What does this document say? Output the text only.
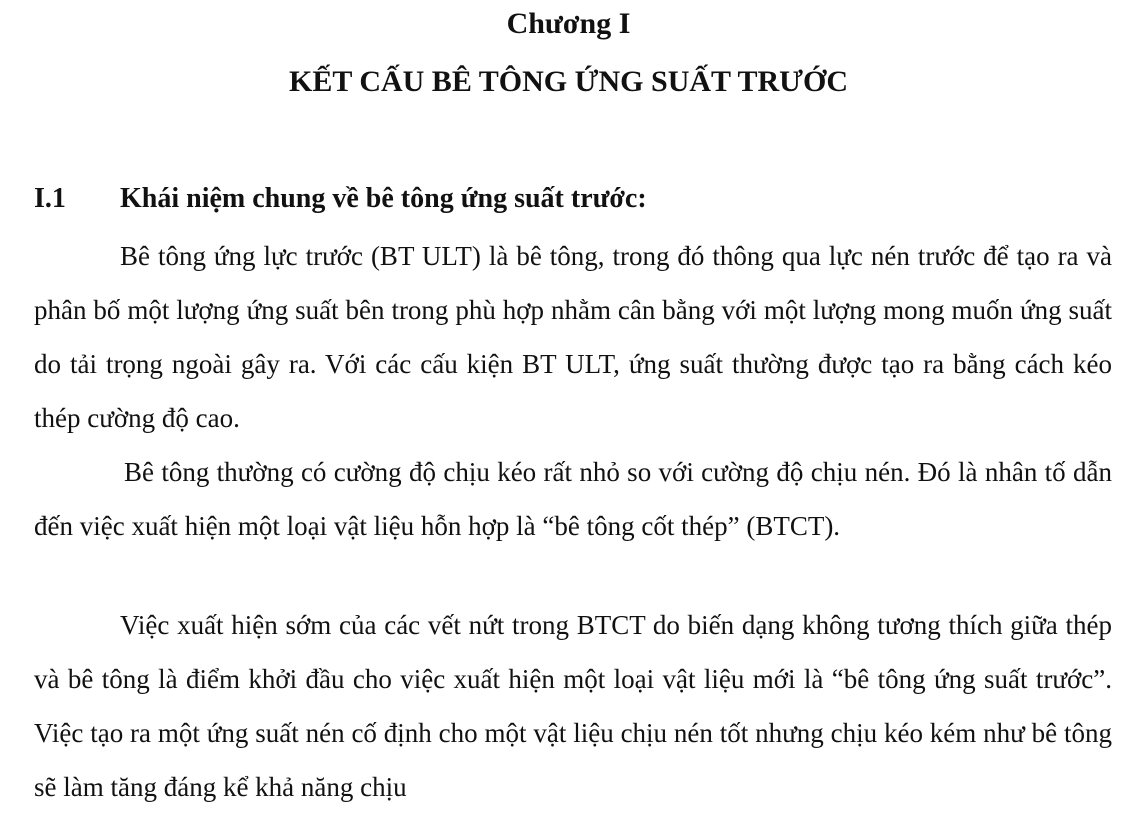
Chương I
KẾT CẤU BÊ TÔNG ỨNG SUẤT TRƯỚC
I.1 Khái niệm chung về bê tông ứng suất trước:

Bê tông ứng lực trước (BT ULT) là bê tông, trong đó thông qua lực nén trước để tạo ra và phân bố một lượng ứng suất bên trong phù hợp nhằm cân bằng với một lượng mong muốn ứng suất do tải trọng ngoài gây ra. Với các cấu kiện BT ULT, ứng suất thường được tạo ra bằng cách kéo thép cường độ cao.

Bê tông thường có cường độ chịu kéo rất nhỏ so với cường độ chịu nén. Đó là nhân tố dẫn đến việc xuất hiện một loại vật liệu hỗn hợp là “bê tông cốt thép” (BTCT).

Việc xuất hiện sớm của các vết nứt trong BTCT do biến dạng không tương thích giữa thép và bê tông là điểm khởi đầu cho việc xuất hiện một loại vật liệu mới là “bê tông ứng suất trước”. Việc tạo ra một ứng suất nén cố định cho một vật liệu chịu nén tốt nhưng chịu kéo kém như bê tông sẽ làm tăng đáng kể khả năng chịu
